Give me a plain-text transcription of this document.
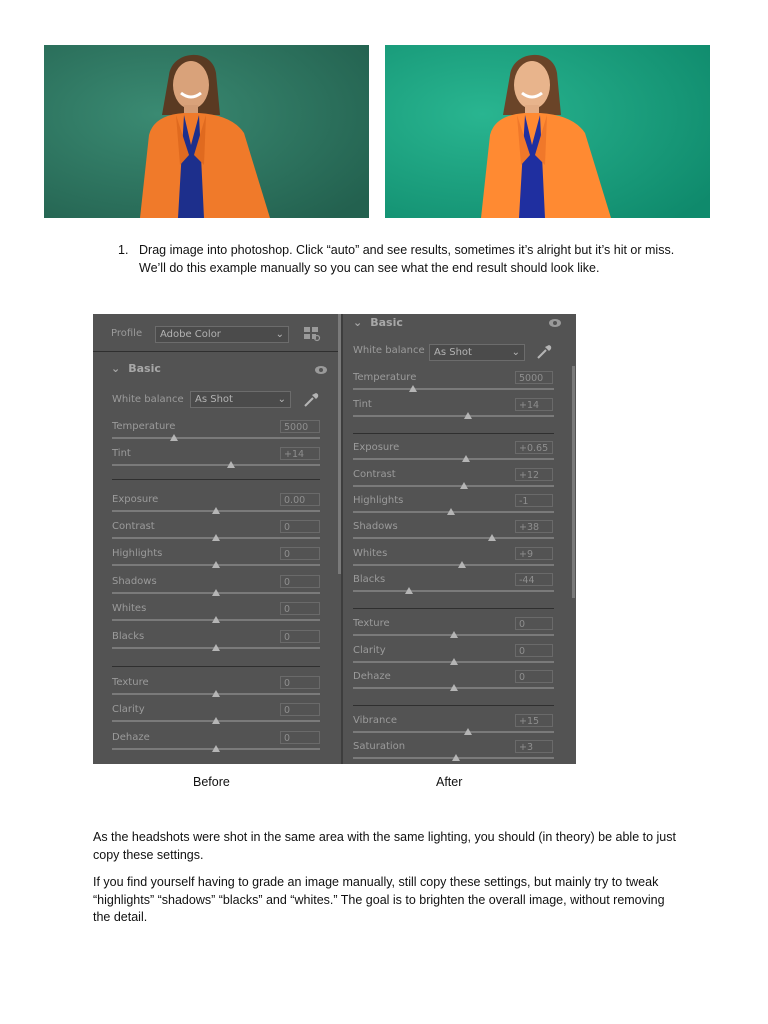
1. Drag image into photoshop. Click “auto” and see results, sometimes it’s alright but it’s hit or miss. We’ll do this example manually so you can see what the end result should look like.
Profile	Adobe Color	⌄
⌄ Basic
White balance	As Shot	⌄
Temperature	5000
Tint	+14
Exposure	0.00
Contrast	0
Highlights	0
Shadows	0
Whites	0
Blacks	0
Texture	0
Clarity	0
Dehaze	0
⌄ Basic
White balance As Shot	⌄
Temperature	5000
Tint	+14
Exposure	+0.65
Contrast	+12
Highlights	-1
Shadows	+38
Whites	+9
Blacks	-44
Texture	0
Clarity	0
Dehaze	0
Vibrance	+15
Saturation	+3
Before	After
As the headshots were shot in the same area with the same lighting, you should (in theory) be able to just copy these settings.
If you find yourself having to grade an image manually, still copy these settings, but mainly try to tweak “highlights” “shadows” “blacks” and “whites.” The goal is to brighten the overall image, without removing the detail.
